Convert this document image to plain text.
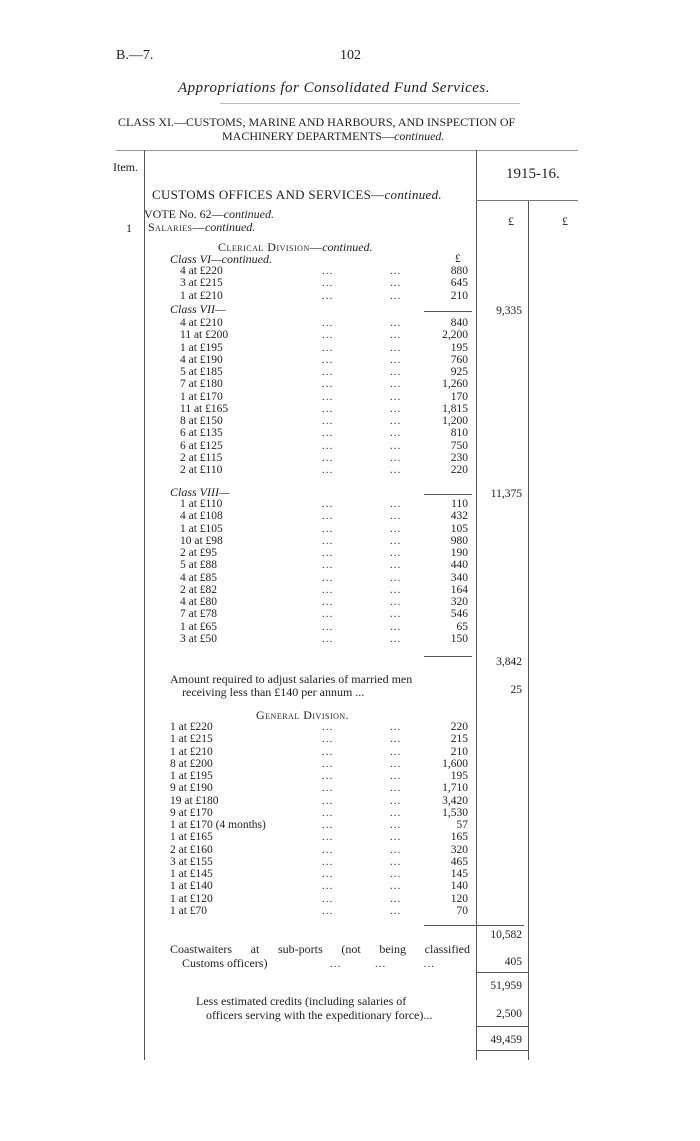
B.—7.	102
Appropriations for Consolidated Fund Services.
CLASS XI.—CUSTOMS, MARINE AND HARBOURS, AND INSPECTION OF
MACHINERY DEPARTMENTS—continued.
Item.	1915-16.
£	£
CUSTOMS OFFICES AND SERVICES—continued.
VOTE No. 62—continued.
1 Salaries—continued.
Clerical Division—continued.
£
Class VI—continued.
4 at £220	...	...	880
3 at £215	...	...	645
1 at £210	...	...	210
Class VII—	9,335
4 at £210	...	...	840
11 at £200	...	...	2,200
1 at £195	...	...	195
4 at £190	...	...	760
5 at £185	...	...	925
7 at £180	...	...	1,260
1 at £170	...	...	170
11 at £165	...	...	1,815
8 at £150	...	...	1,200
6 at £135	...	...	810
6 at £125	...	...	750
2 at £115	...	...	230
2 at £110	...	...	220
Class VIII—	11,375
1 at £110	...	...	110
4 at £108	...	...	432
1 at £105	...	...	105
10 at £98	...	...	980
2 at £95	...	...	190
5 at £88	...	...	440
4 at £85	...	...	340
2 at £82	...	...	164
4 at £80	...	...	320
7 at £78	...	...	546
1 at £65	...	...	65
3 at £50	...	...	150
3,842
1 at £220	...	...	220
1 at £215	...	...	215
1 at £210	...	...	210
8 at £200	...	...	1,600
1 at £195	...	...	195
9 at £190	...	...	1,710
19 at £180	...	...	3,420
9 at £170	...	...	1,530
1 at £170 (4 months)	...	...	57
1 at £165	...	...	165
2 at £160	...	...	320
3 at £155	...	...	465
1 at £145	...	...	145
1 at £140	...	...	140
1 at £120	...	...	120
1 at £70	...	...	70
10,582
Amount required to adjust salaries of married men
receiving less than £140 per annum ...	25
General Division.
Coastwaiters at sub-ports (not being classified
Customs officers)	...         ...          ...	405
51,959
Less estimated credits (including salaries of
officers serving with the expeditionary force)...	2,500
49,459
